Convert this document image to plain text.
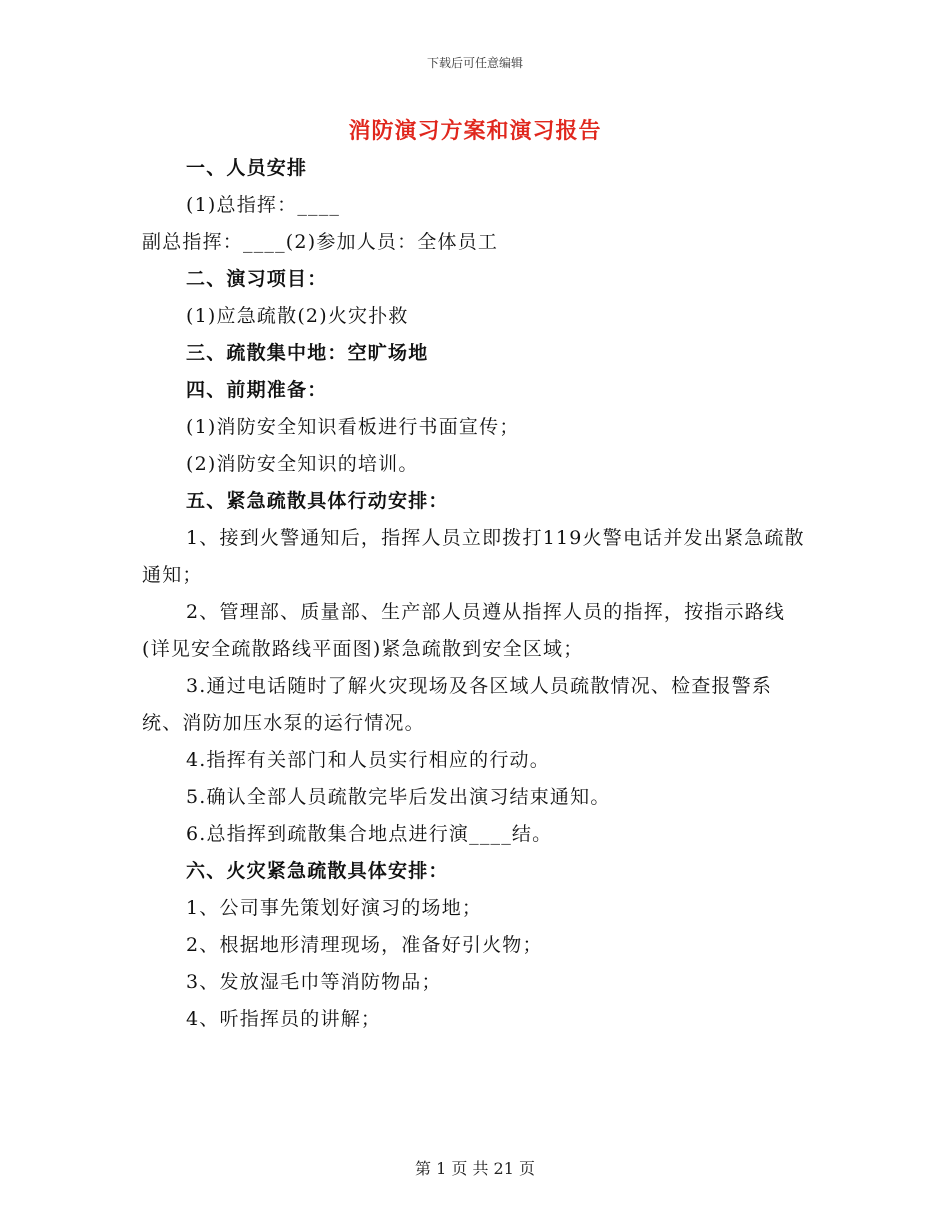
下载后可任意编辑
消防演习方案和演习报告

一、人员安排

(1)总指挥：____

副总指挥：____(2)参加人员：全体员工

二、演习项目：

(1)应急疏散(2)火灾扑救

三、疏散集中地：空旷场地

四、前期准备：

(1)消防安全知识看板进行书面宣传；

(2)消防安全知识的培训。

五、紧急疏散具体行动安排：

1、接到火警通知后，指挥人员立即拨打119火警电话并发出紧急疏散通知；

2、管理部、质量部、生产部人员遵从指挥人员的指挥，按指示路线(详见安全疏散路线平面图)紧急疏散到安全区域；

3.通过电话随时了解火灾现场及各区域人员疏散情况、检查报警系统、消防加压水泵的运行情况。

4.指挥有关部门和人员实行相应的行动。

5.确认全部人员疏散完毕后发出演习结束通知。

6.总指挥到疏散集合地点进行演____结。

六、火灾紧急疏散具体安排：

1、公司事先策划好演习的场地；

2、根据地形清理现场，准备好引火物；

3、发放湿毛巾等消防物品；

4、听指挥员的讲解；

第 1 页 共 21 页
